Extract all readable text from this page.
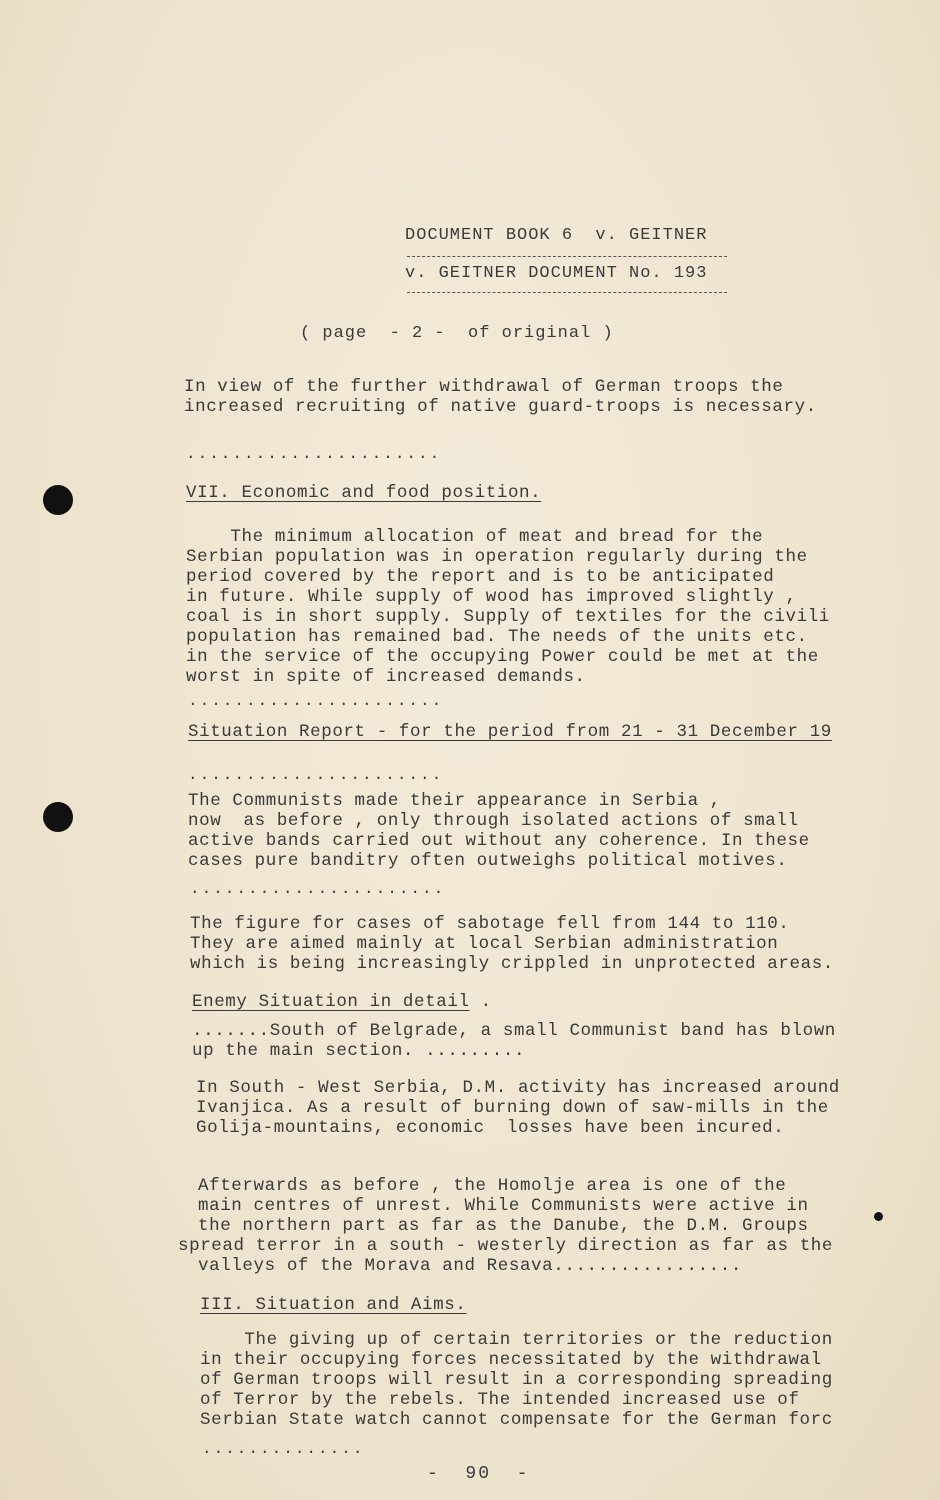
DOCUMENT BOOK 6  v. GEITNER
v. GEITNER DOCUMENT No. 193
( page  - 2 -  of original )
In view of the further withdrawal of German troops the
increased recruiting of native guard-troops is necessary.
......................
VII. Economic and food position.
The minimum allocation of meat and bread for the
Serbian population was in operation regularly during the
period covered by the report and is to be anticipated
in future. While supply of wood has improved slightly ,
coal is in short supply. Supply of textiles for the civili
population has remained bad. The needs of the units etc.
in the service of the occupying Power could be met at the
worst in spite of increased demands.
......................
Situation Report - for the period from 21 - 31 December 19
......................
The Communists made their appearance in Serbia ,
now  as before , only through isolated actions of small
active bands carried out without any coherence. In these
cases pure banditry often outweighs political motives.
......................
The figure for cases of sabotage fell from 144 to 110.
They are aimed mainly at local Serbian administration
which is being increasingly crippled in unprotected areas.
Enemy Situation in detail .
.......South of Belgrade, a small Communist band has blown
up the main section. .........
In South - West Serbia, D.M. activity has increased around
Ivanjica. As a result of burning down of saw-mills in the
Golija-mountains, economic  losses have been incured.
Afterwards as before , the Homolje area is one of the
main centres of unrest. While Communists were active in
the northern part as far as the Danube, the D.M. Groups
spread terror in a south - westerly direction as far as the
valleys of the Morava and Resava.................
III. Situation and Aims.
The giving up of certain territories or the reduction
in their occupying forces necessitated by the withdrawal
of German troops will result in a corresponding spreading
of Terror by the rebels. The intended increased use of
Serbian State watch cannot compensate for the German forc
..............
-  90  -
